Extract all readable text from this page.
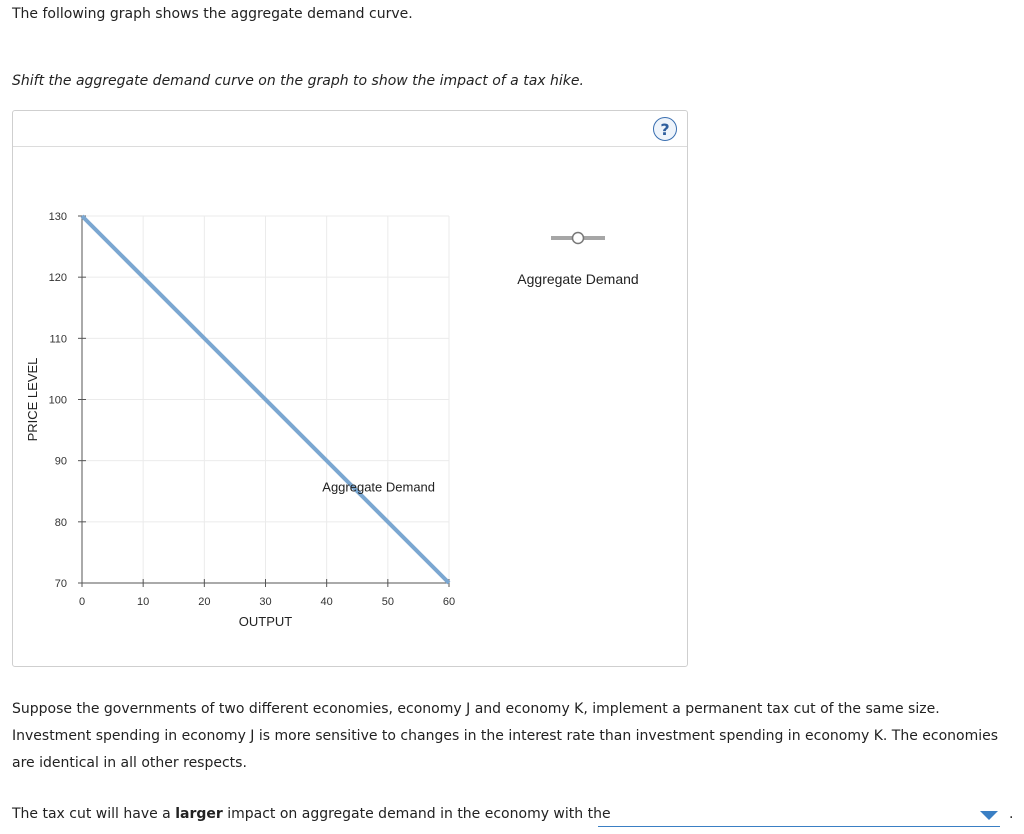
The following graph shows the aggregate demand curve.
Shift the aggregate demand curve on the graph to show the impact of a tax hike.
?
70
80
90
100
110
120
130
0	10	20	30	40	50	60
OUTPUT
PRICE LEVEL
Aggregate Demand
Aggregate Demand
Suppose the governments of two different economies, economy J and economy K, implement a permanent tax cut of the same size. Investment spending in economy J is more sensitive to changes in the interest rate than investment spending in economy K. The economies are identical in all other respects.
The tax cut will have a larger impact on aggregate demand in the economy with the	.
